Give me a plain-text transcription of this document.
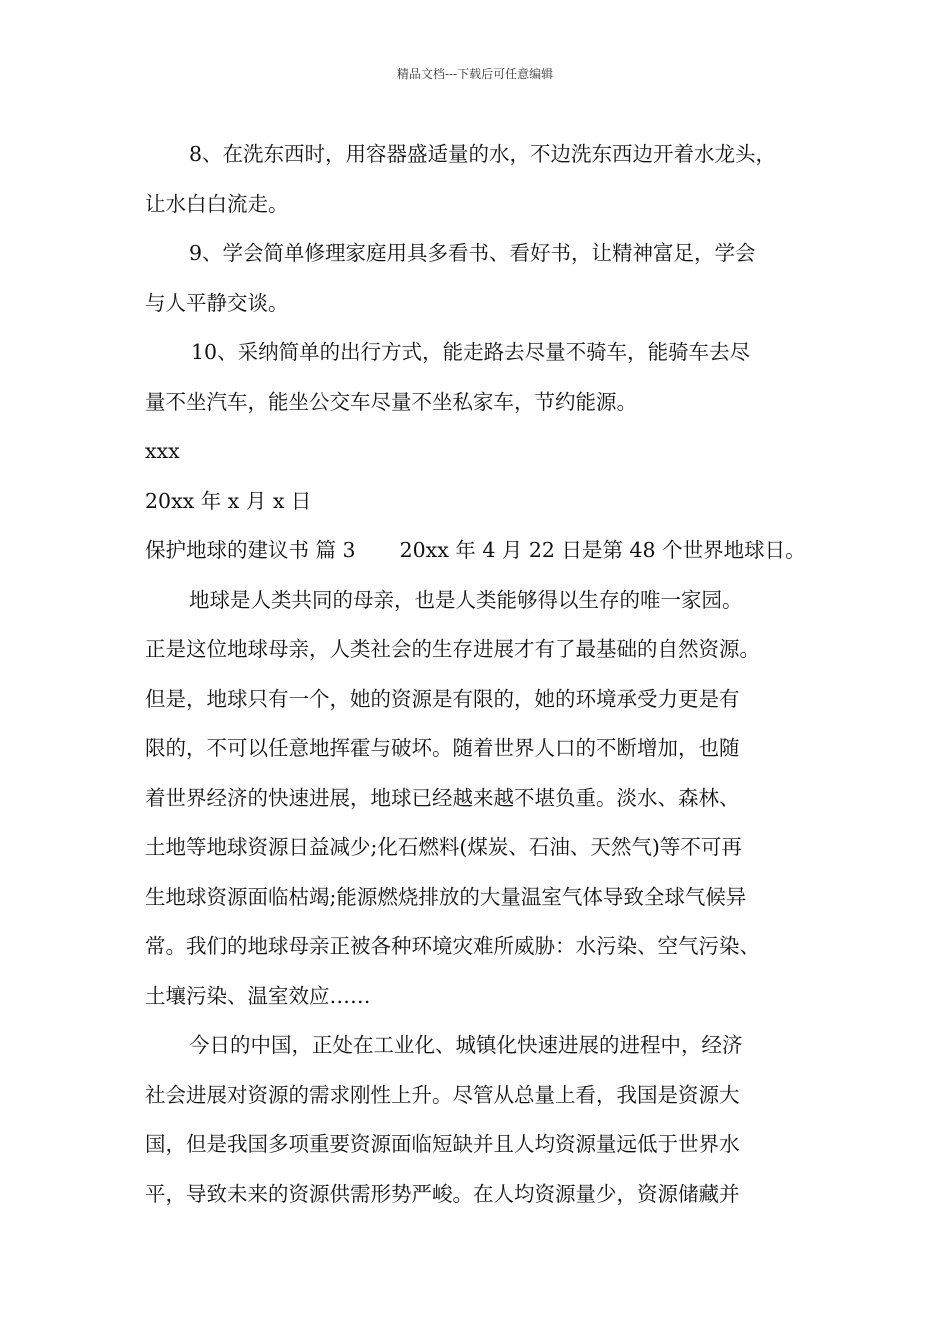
精品文档---下载后可任意编辑

8、在洗东西时，用容器盛适量的水，不边洗东西边开着水龙头，

让水白白流走。

9、学会简单修理家庭用具多看书、看好书，让精神富足，学会

与人平静交谈。

10、采纳简单的出行方式，能走路去尽量不骑车，能骑车去尽

量不坐汽车，能坐公交车尽量不坐私家车，节约能源。

xxx

20xx 年 x 月 x 日

保护地球的建议书 篇 3 20xx 年 4 月 22 日是第 48 个世界地球日。

地球是人类共同的母亲，也是人类能够得以生存的唯一家园。

正是这位地球母亲，人类社会的生存进展才有了最基础的自然资源。

但是，地球只有一个，她的资源是有限的，她的环境承受力更是有

限的，不可以任意地挥霍与破坏。随着世界人口的不断增加，也随

着世界经济的快速进展，地球已经越来越不堪负重。淡水、森林、

土地等地球资源日益减少;化石燃料(煤炭、石油、天然气)等不可再

生地球资源面临枯竭;能源燃烧排放的大量温室气体导致全球气候异

常。我们的地球母亲正被各种环境灾难所威胁：水污染、空气污染、

土壤污染、温室效应……

今日的中国，正处在工业化、城镇化快速进展的进程中，经济

社会进展对资源的需求刚性上升。尽管从总量上看，我国是资源大

国，但是我国多项重要资源面临短缺并且人均资源量远低于世界水

平，导致未来的资源供需形势严峻。在人均资源量少，资源储藏并
